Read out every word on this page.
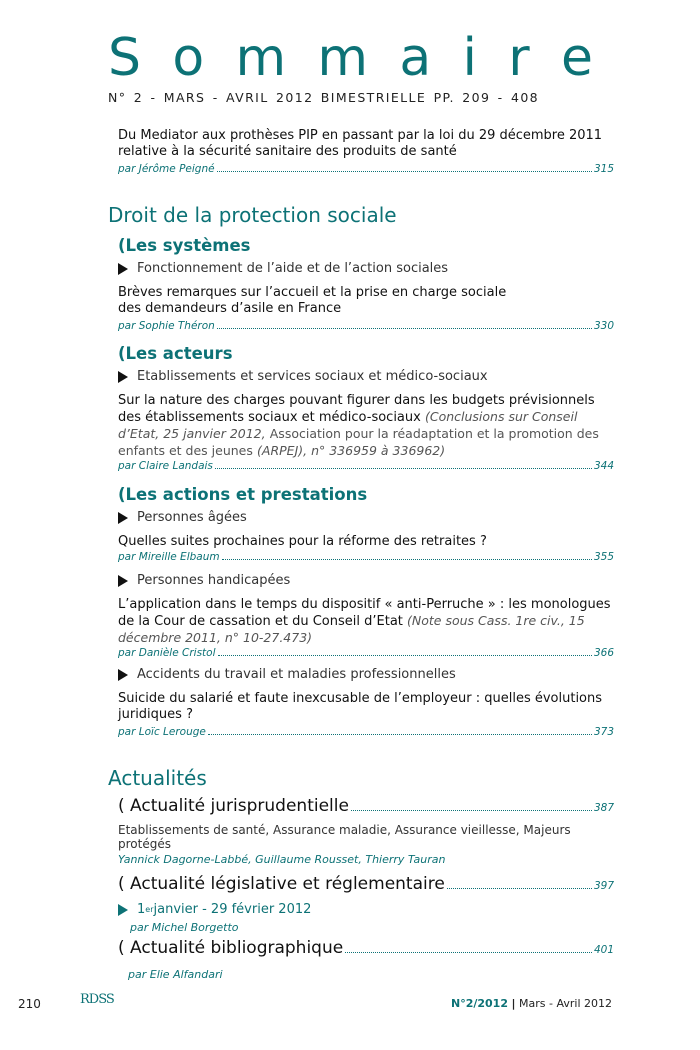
S o m m a i r e
N° 2 - MARS - AVRIL 2012 BIMESTRIELLE PP. 209 - 408
Du Mediator aux prothèses PIP en passant par la loi du 29 décembre 2011 relative à la sécurité sanitaire des produits de santé
par Jérôme Peigné	315
Droit de la protection sociale
(Les systèmes
Fonctionnement de l’aide et de l’action sociales
Brèves remarques sur l’accueil et la prise en charge sociale des demandeurs d’asile en France
par Sophie Théron	330
(Les acteurs
Etablissements et services sociaux et médico-sociaux
Sur la nature des charges pouvant figurer dans les budgets prévisionnels des établissements sociaux et médico-sociaux (Conclusions sur Conseil d’Etat, 25 janvier 2012, Association pour la réadaptation et la promotion des enfants et des jeunes (ARPEJ), n° 336959 à 336962)
par Claire Landais	344
(Les actions et prestations
Personnes âgées
Quelles suites prochaines pour la réforme des retraites ?
par Mireille Elbaum	355
Personnes handicapées
L’application dans le temps du dispositif « anti-Perruche » : les monologues de la Cour de cassation et du Conseil d’Etat (Note sous Cass. 1re civ., 15 décembre 2011, n° 10-27.473)
par Danièle Cristol	366
Accidents du travail et maladies professionnelles
Suicide du salarié et faute inexcusable de l’employeur : quelles évolutions juridiques ?
par Loïc Lerouge	373
Actualités
( Actualité jurisprudentielle	387
Etablissements de santé, Assurance maladie, Assurance vieillesse, Majeurs protégés
Yannick Dagorne-Labbé, Guillaume Rousset, Thierry Tauran
( Actualité législative et réglementaire	397
1 er janvier - 29 février 2012
par Michel Borgetto
( Actualité bibliographique	401
par Elie Alfandari
210	RDSS	N°2/2012 | Mars - Avril 2012
